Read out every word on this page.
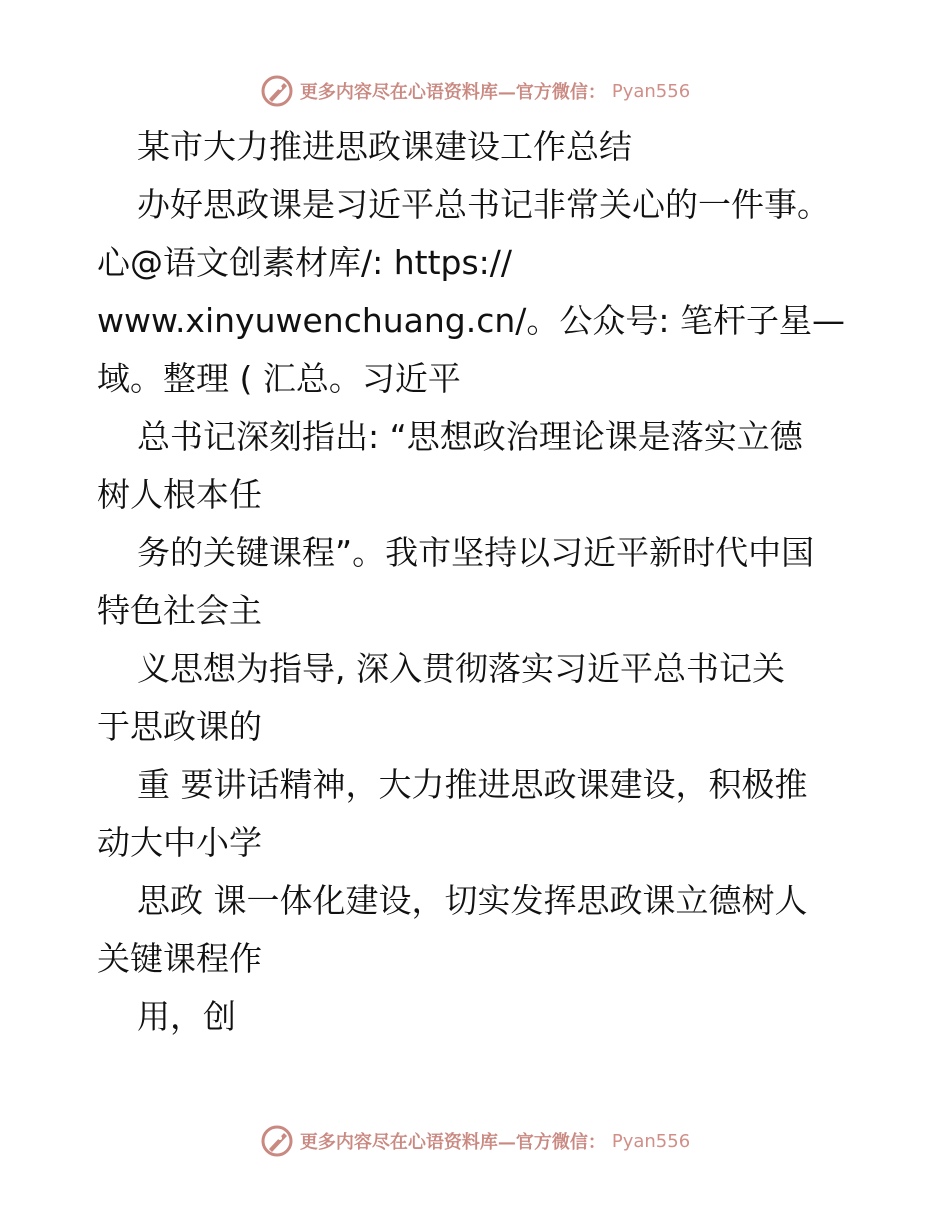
更多内容尽在心语资料库—官方微信： Pyan556
某市大力推进思政课建设工作总结
办好思政课是习近平总书记非常关心的一件事。
心@语文创素材库/: https://
www.xinyuwenchuang.cn/。公众号: 笔杆子星—
域。整理 ( 汇总。习近平
总书记深刻指出: “思想政治理论课是落实立德
树人根本任
务的关键课程”。我市坚持以习近平新时代中国
特色社会主
义思想为指导, 深入贯彻落实习近平总书记关
于思政课的
重 要讲话精神，大力推进思政课建设，积极推
动大中小学
思政 课一体化建设，切实发挥思政课立德树人
关键课程作
用，创
更多内容尽在心语资料库—官方微信： Pyan556
